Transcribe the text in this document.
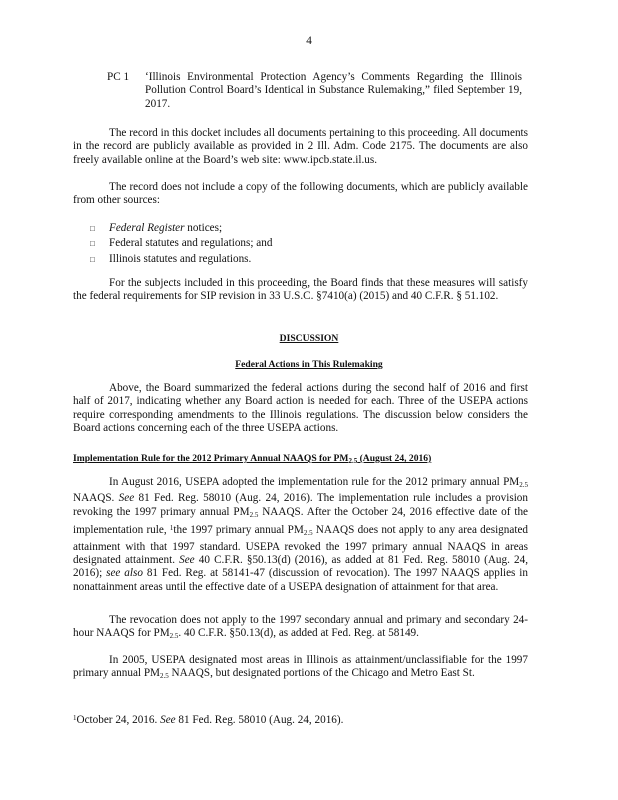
4
PC 1 ‘Illinois Environmental Protection Agency’s Comments Regarding the Illinois Pollution Control Board’s Identical in Substance Rulemaking,” filed September 19, 2017.
The record in this docket includes all documents pertaining to this proceeding. All documents in the record are publicly available as provided in 2 Ill. Adm. Code 2175. The documents are also freely available online at the Board’s web site: www.ipcb.state.il.us.
The record does not include a copy of the following documents, which are publicly available from other sources:
□ Federal Register notices;
□ Federal statutes and regulations; and
□ Illinois statutes and regulations.
For the subjects included in this proceeding, the Board finds that these measures will satisfy the federal requirements for SIP revision in 33 U.S.C. §7410(a) (2015) and 40 C.F.R. § 51.102.
DISCUSSION
Federal Actions in This Rulemaking
Above, the Board summarized the federal actions during the second half of 2016 and first half of 2017, indicating whether any Board action is needed for each. Three of the USEPA actions require corresponding amendments to the Illinois regulations. The discussion below considers the Board actions concerning each of the three USEPA actions.
Implementation Rule for the 2012 Primary Annual NAAQS for $PM_{2.5}$ (August 24, 2016)
In August 2016, USEPA adopted the implementation rule for the 2012 primary annual $PM_{2.5}$ NAAQS. See 81 Fed. Reg. 58010 (Aug. 24, 2016). The implementation rule includes a provision revoking the 1997 primary annual $PM_{2.5}$ NAAQS. After the October 24, 2016 effective date of the implementation rule, $^1$the 1997 primary annual $PM_{2.5}$ NAAQS does not apply to any area designated attainment with that 1997 standard. USEPA revoked the 1997 primary annual NAAQS in areas designated attainment. See 40 C.F.R. §50.13(d) (2016), as added at 81 Fed. Reg. 58010 (Aug. 24, 2016); see also 81 Fed. Reg. at 58141-47 (discussion of revocation). The 1997 NAAQS applies in nonattainment areas until the effective date of a USEPA designation of attainment for that area.
The revocation does not apply to the 1997 secondary annual and primary and secondary 24-hour NAAQS for $PM_{2.5}$. 40 C.F.R. §50.13(d), as added at Fed. Reg. at 58149.
In 2005, USEPA designated most areas in Illinois as attainment/unclassifiable for the 1997 primary annual $PM_{2.5}$ NAAQS, but designated portions of the Chicago and Metro East St.
$^1$October 24, 2016. See 81 Fed. Reg. 58010 (Aug. 24, 2016).
